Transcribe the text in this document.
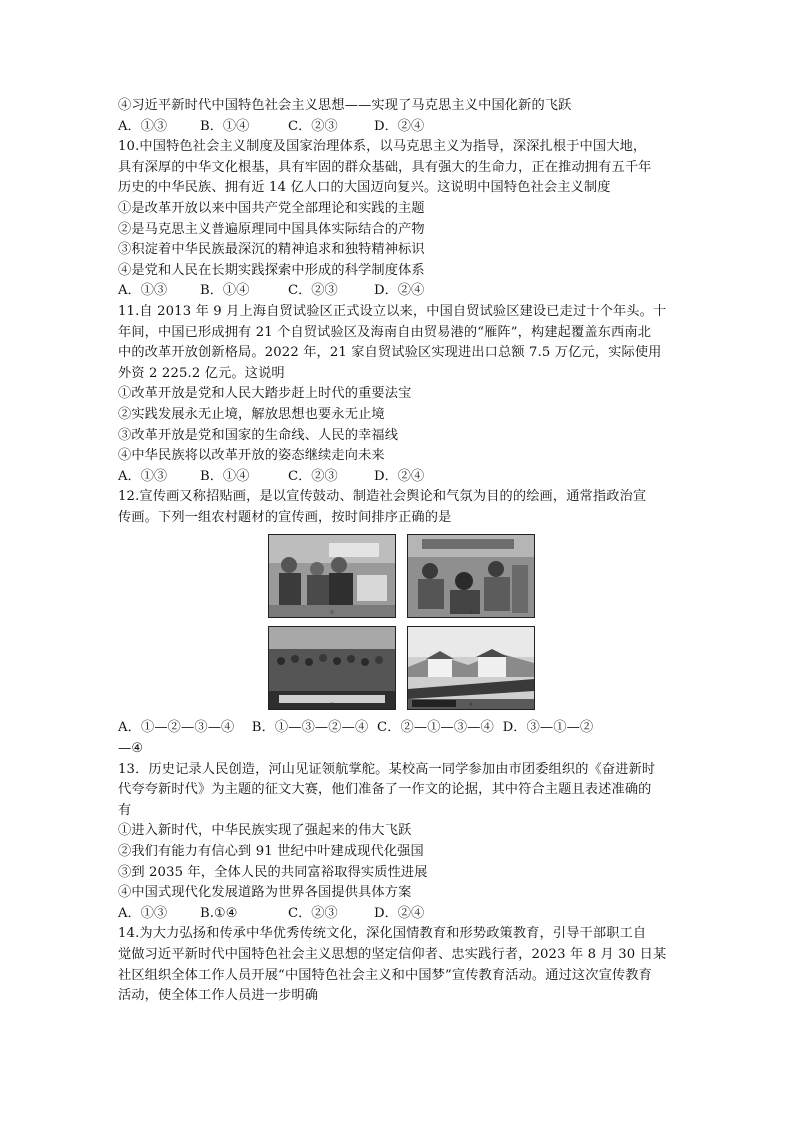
④习近平新时代中国特色社会主义思想——实现了马克思主义中国化新的飞跃
A．①③	B．①④	C．②③	D．②④
10.中国特色社会主义制度及国家治理体系，以马克思主义为指导，深深扎根于中国大地，
具有深厚的中华文化根基，具有牢固的群众基础，具有强大的生命力，正在推动拥有五千年
历史的中华民族、拥有近 14 亿人口的大国迈向复兴。这说明中国特色社会主义制度
①是改革开放以来中国共产党全部理论和实践的主题
②是马克思主义普遍原理同中国具体实际结合的产物
③积淀着中华民族最深沉的精神追求和独特精神标识
④是党和人民在长期实践探索中形成的科学制度体系
A．①③	B．①④	C．②③	D．②④
11.自 2013 年 9 月上海自贸试验区正式设立以来，中国自贸试验区建设已走过十个年头。十
年间，中国已形成拥有 21 个自贸试验区及海南自由贸易港的“雁阵”，构建起覆盖东西南北
中的改革开放创新格局。2022 年，21 家自贸试验区实现进出口总额 7.5 万亿元，实际使用
外资 2 225.2 亿元。这说明
①改革开放是党和人民大踏步赶上时代的重要法宝
②实践发展永无止境，解放思想也要永无止境
③改革开放是党和国家的生命线、人民的幸福线
④中华民族将以改革开放的姿态继续走向未来
A．①③	B．①④	C．②③	D．②④
12.宣传画又称招贴画，是以宣传鼓动、制造社会舆论和气氛为目的的绘画，通常指政治宣
传画。下列一组农村题材的宣传画，按时间排序正确的是
①	②
③	④
A．①—②—③—④    B．①—③—②—④  C．②—①—③—④  D．③—①—②
—④
13．历史记录人民创造，河山见证领航掌舵。某校高一同学参加由市团委组织的《奋进新时
代夸夸新时代》为主题的征文大赛，他们准备了一作文的论据，其中符合主题且表述准确的
有
①进入新时代，中华民族实现了强起来的伟大飞跃
②我们有能力有信心到 91 世纪中叶建成现代化强国
③到 2035 年，全体人民的共同富裕取得实质性进展
④中国式现代化发展道路为世界各国提供具体方案
A．①③	B.①④	C．②③	D．②④
14.为大力弘扬和传承中华优秀传统文化，深化国情教育和形势政策教育，引导干部职工自
觉做习近平新时代中国特色社会主义思想的坚定信仰者、忠实践行者，2023 年 8 月 30 日某
社区组织全体工作人员开展“中国特色社会主义和中国梦”宣传教育活动。通过这次宣传教育
活动，使全体工作人员进一步明确
